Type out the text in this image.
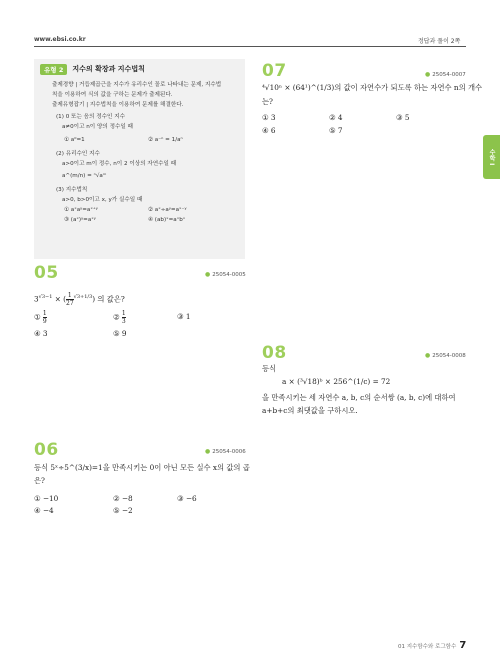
www.ebsi.co.kr	정답과 풀이 2쪽
수학 I
유형 2	지수의 확장과 지수법칙
출제경향 | 거듭제곱근을 지수가 유리수인 꼴로 나타내는 문제, 지수법
칙을 이용하여 식의 값을 구하는 문제가 출제된다.
출제유형잡기 | 지수법칙을 이용하여 문제를 해결한다.
(1) 0 또는 음의 정수인 지수
a≠0이고 n이 양의 정수일 때
① a⁰=1	② a⁻ⁿ = 1/aⁿ
(2) 유리수인 지수
a>0이고 m이 정수, n이 2 이상의 자연수일 때
a^(m/n) = ⁿ√aᵐ
(3) 지수법칙
a>0, b>0이고 x, y가 실수일 때
① aˣaʸ=aˣ⁺ʸ	② aˣ÷aʸ=aˣ⁻ʸ
③ (aˣ)ʸ=aˣʸ	④ (ab)ˣ=aˣbˣ
05	● 25054-0005
$3^{√3-1}$ × ( $\frac{1}{27} ^{√3+1/3}$) 의 값은?
① $\frac{1}{9}$	② $\frac{1}{3}$	③ 1
④ 3	⑤ 9
06	● 25054-0006
등식 5ˣ÷5^(3/x)=1을 만족시키는 0이 아닌 모든 실수 x의 값의 곱
은?
① −10	② −8	③ −6
④ −4	⑤ −2
07	● 25054-0007
⁴√10ⁿ × (64¹)^(1/3)의 값이 자연수가 되도록 하는 자연수 n의 개수
는?
① 3	② 4	③ 5
④ 6	⑤ 7
08	● 25054-0008
등식
a × (³√18)ᵇ × 256^(1/c) = 72
을 만족시키는 세 자연수 a, b, c의 순서쌍 (a, b, c)에 대하여
a+b+c의 최댓값을 구하시오.
01 지수함수와 로그함수 7
